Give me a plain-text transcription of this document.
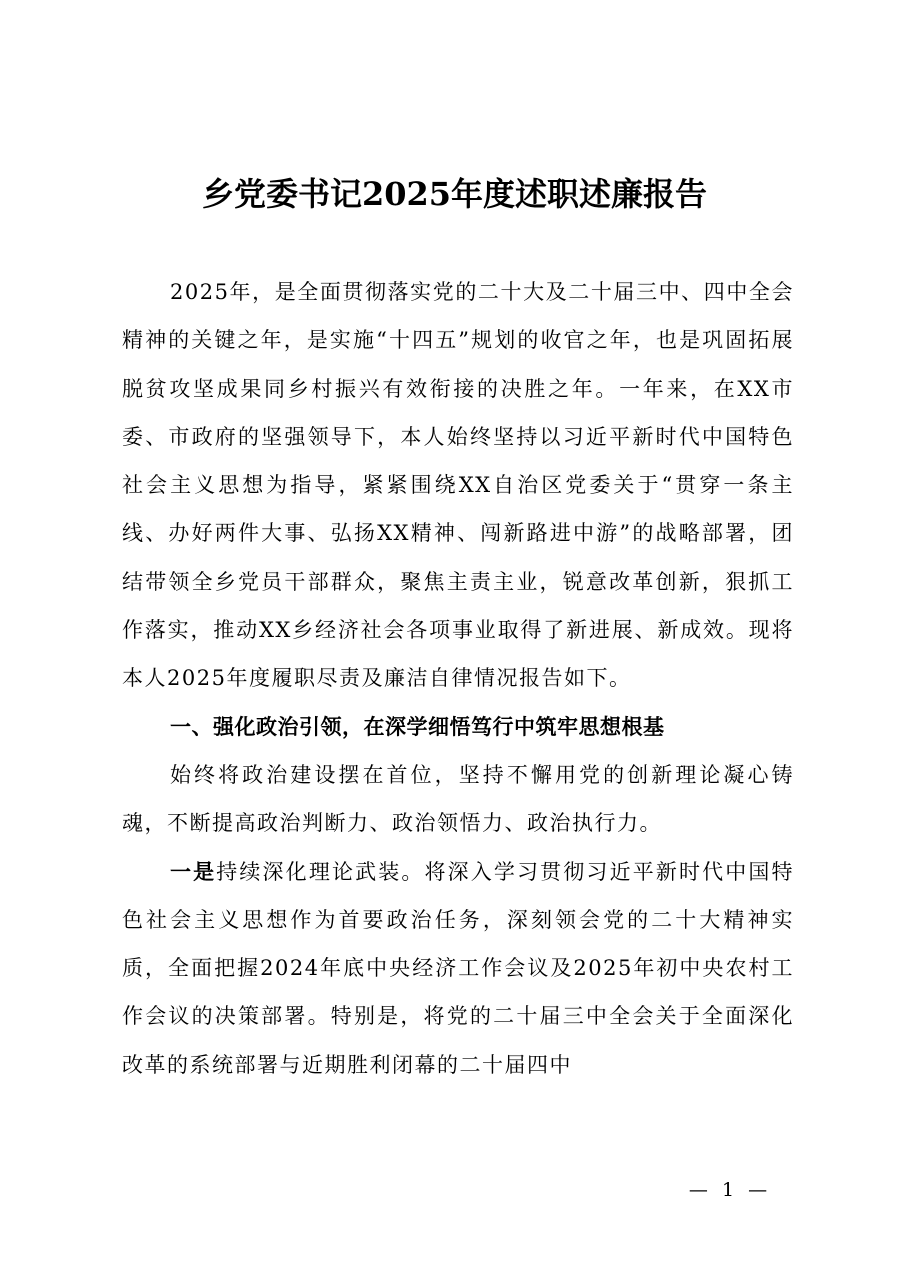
乡党委书记2025年度述职述廉报告

2025年，是全面贯彻落实党的二十大及二十届三中、四中全会精神的关键之年，是实施“十四五”规划的收官之年，也是巩固拓展脱贫攻坚成果同乡村振兴有效衔接的决胜之年。一年来，在XX市委、市政府的坚强领导下，本人始终坚持以习近平新时代中国特色社会主义思想为指导，紧紧围绕XX自治区党委关于“贯穿一条主线、办好两件大事、弘扬XX精神、闯新路进中游”的战略部署，团结带领全乡党员干部群众，聚焦主责主业，锐意改革创新，狠抓工作落实，推动XX乡经济社会各项事业取得了新进展、新成效。现将本人2025年度履职尽责及廉洁自律情况报告如下。

一、强化政治引领，在深学细悟笃行中筑牢思想根基

始终将政治建设摆在首位，坚持不懈用党的创新理论凝心铸魂，不断提高政治判断力、政治领悟力、政治执行力。

一是持续深化理论武装。将深入学习贯彻习近平新时代中国特色社会主义思想作为首要政治任务，深刻领会党的二十大精神实质，全面把握2024年底中央经济工作会议及2025年初中央农村工作会议的决策部署。特别是，将党的二十届三中全会关于全面深化改革的系统部署与近期胜利闭幕的二十届四中

— 1 —
